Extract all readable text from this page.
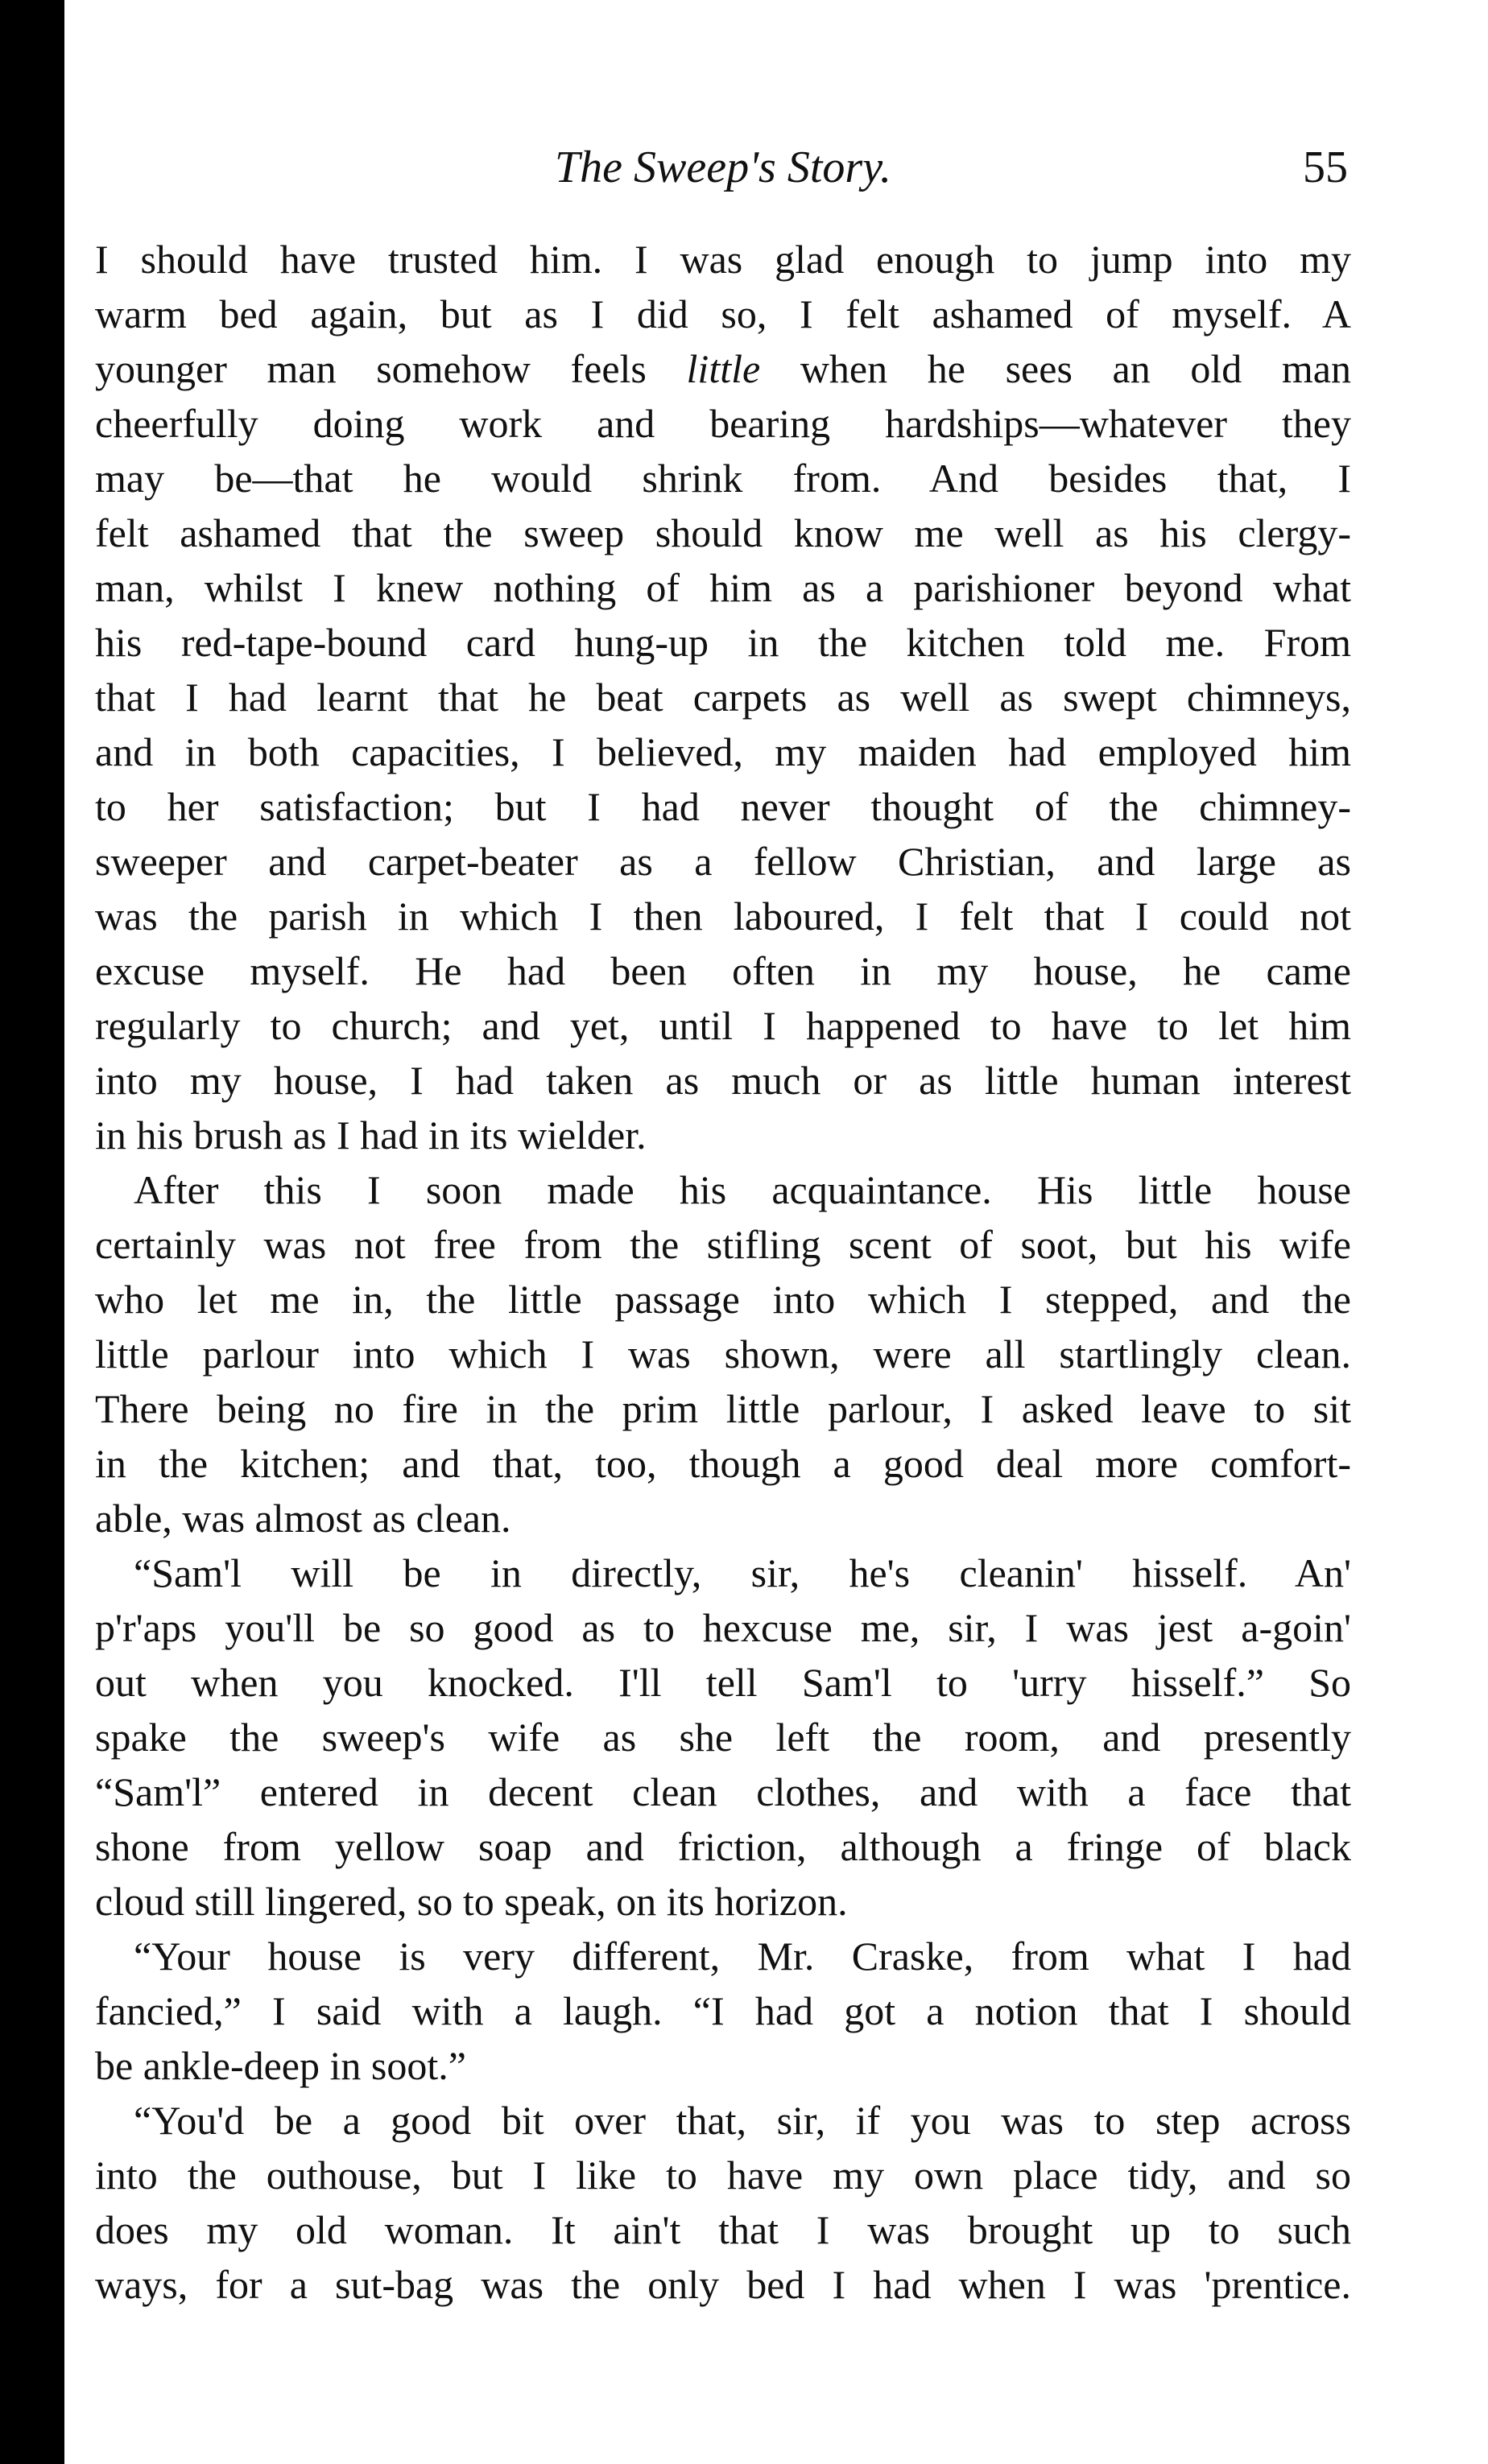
The Sweep's Story.	55
I should have trusted him. I was glad enough to jump into my
warm bed again, but as I did so, I felt ashamed of myself. A
younger man somehow feels little when he sees an old man
cheerfully doing work and bearing hardships—whatever they
may be—that he would shrink from. And besides that, I
felt ashamed that the sweep should know me well as his clergy-
man, whilst I knew nothing of him as a parishioner beyond what
his red-tape-bound card hung-up in the kitchen told me. From
that I had learnt that he beat carpets as well as swept chimneys,
and in both capacities, I believed, my maiden had employed him
to her satisfaction; but I had never thought of the chimney-
sweeper and carpet-beater as a fellow Christian, and large as
was the parish in which I then laboured, I felt that I could not
excuse myself. He had been often in my house, he came
regularly to church; and yet, until I happened to have to let him
into my house, I had taken as much or as little human interest
in his brush as I had in its wielder.
After this I soon made his acquaintance. His little house
certainly was not free from the stifling scent of soot, but his wife
who let me in, the little passage into which I stepped, and the
little parlour into which I was shown, were all startlingly clean.
There being no fire in the prim little parlour, I asked leave to sit
in the kitchen; and that, too, though a good deal more comfort-
able, was almost as clean.
“Sam'l will be in directly, sir, he's cleanin' hisself. An'
p'r'aps you'll be so good as to hexcuse me, sir, I was jest a-goin'
out when you knocked. I'll tell Sam'l to 'urry hisself.” So
spake the sweep's wife as she left the room, and presently
“Sam'l” entered in decent clean clothes, and with a face that
shone from yellow soap and friction, although a fringe of black
cloud still lingered, so to speak, on its horizon.
“Your house is very different, Mr. Craske, from what I had
fancied,” I said with a laugh. “I had got a notion that I should
be ankle-deep in soot.”
“You'd be a good bit over that, sir, if you was to step across
into the outhouse, but I like to have my own place tidy, and so
does my old woman. It ain't that I was brought up to such
ways, for a sut-bag was the only bed I had when I was 'prentice.
